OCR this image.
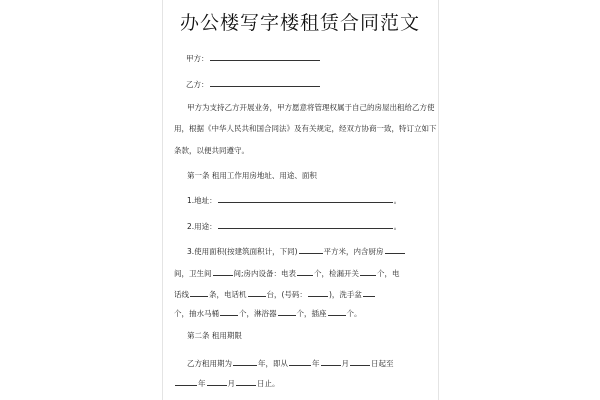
办公楼写字楼租赁合同范文
甲方：
乙方：
甲方为支持乙方开展业务，甲方愿意将管理权属于自己的房屋出租给乙方使
用，根据《中华人民共和国合同法》及有关规定，经双方协商一致，特订立如下
条款，以便共同遵守。
第一条 租用工作用房地址、用途、面积
1.地址：	。
2.用途：	。
3.使用面积(按建筑面积计，下同)	平方米，内含厨房
间，卫生间	间;房内设备：电表 个，检漏开关 个，电
话线	条，电话机	台，(号码：	)，洗手盆
个，抽水马桶	个，淋浴器	个，插座	个。
第二条 租用期限
乙方租用期为	年，即从	年	月	日起至
年	月	日止。
